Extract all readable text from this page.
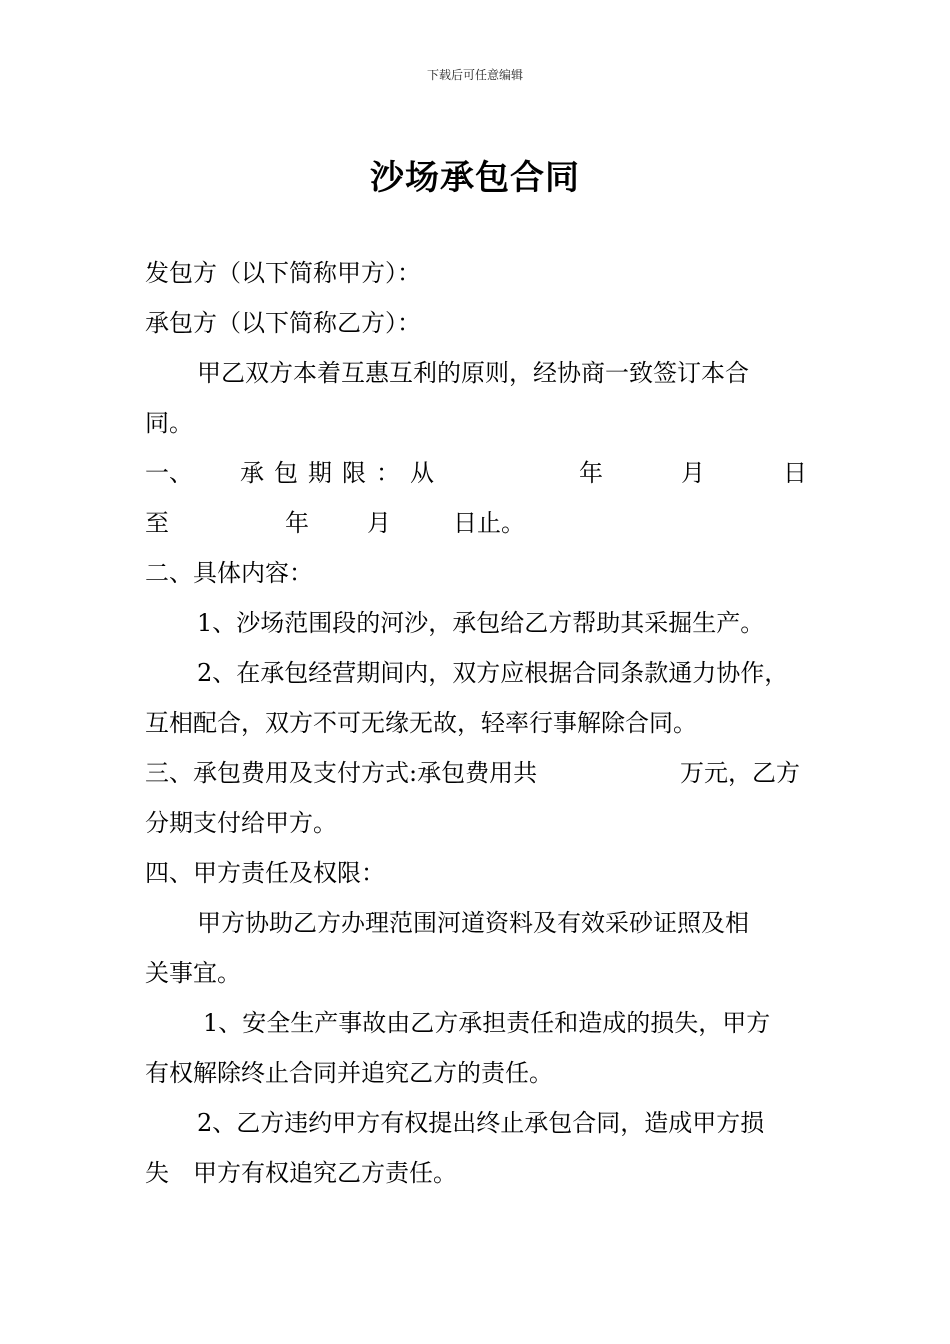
下载后可任意编辑
沙场承包合同
发包方（以下简称甲方）：
承包方（以下简称乙方）：
甲乙双方本着互惠互利的原则，经协商一致签订本合
同。
一、 承包期限：从	年	月	日
至	年 月	日止。
二、具体内容：
1、沙场范围段的河沙，承包给乙方帮助其采掘生产。
2、在承包经营期间内，双方应根据合同条款通力协作，
互相配合，双方不可无缘无故，轻率行事解除合同。
三、承包费用及支付方式:承包费用共	万元，乙方
分期支付给甲方。
四、甲方责任及权限：
甲方协助乙方办理范围河道资料及有效采砂证照及相
关事宜。
1、安全生产事故由乙方承担责任和造成的损失，甲方
有权解除终止合同并追究乙方的责任。
2、乙方违约甲方有权提出终止承包合同，造成甲方损
失　甲方有权追究乙方责任。
